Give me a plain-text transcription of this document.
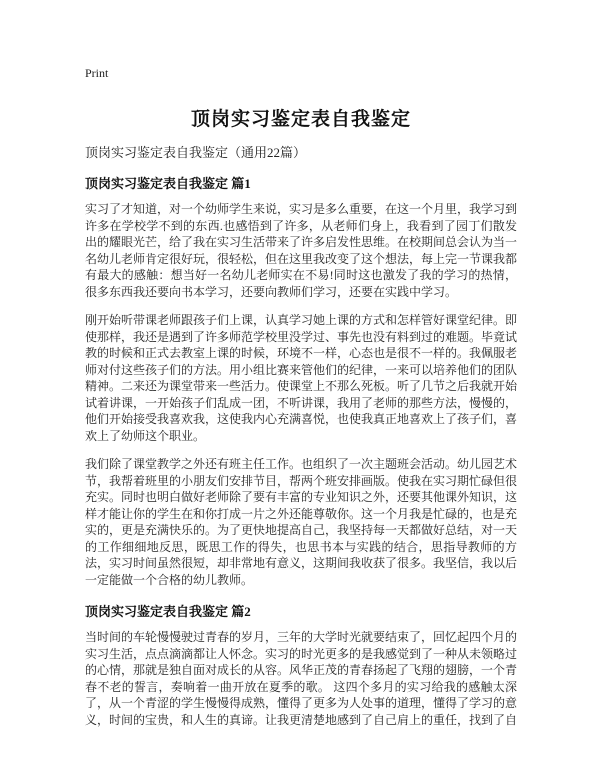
Print
顶岗实习鉴定表自我鉴定
顶岗实习鉴定表自我鉴定（通用22篇）
顶岗实习鉴定表自我鉴定 篇1

实习了才知道，对一个幼师学生来说，实习是多么重要，在这一个月里，我学习到许多在学校学不到的东西.也感悟到了许多，从老师们身上，我看到了园丁们散发出的耀眼光芒，给了我在实习生活带来了许多启发性思维。在校期间总会认为当一名幼儿老师肯定很好玩，很轻松，但在这里我改变了这个想法，每上完一节课我都有最大的感触：想当好一名幼儿老师实在不易!同时这也激发了我的学习的热情，很多东西我还要向书本学习，还要向教师们学习，还要在实践中学习。

刚开始听带课老师跟孩子们上课，认真学习她上课的方式和怎样管好课堂纪律。即使那样，我还是遇到了许多师范学校里没学过、事先也没有料到过的难题。毕竟试教的时候和正式去教室上课的时候，环境不一样，心态也是很不一样的。我佩服老师对付这些孩子们的方法。用小组比赛来管他们的纪律，一来可以培养他们的团队精神。二来还为课堂带来一些活力。使课堂上不那么死板。听了几节之后我就开始试着讲课，一开始孩子们乱成一团，不听讲课，我用了老师的那些方法，慢慢的，他们开始接受我喜欢我，这使我内心充满喜悦，也使我真正地喜欢上了孩子们，喜欢上了幼师这个职业。

我们除了课堂教学之外还有班主任工作。也组织了一次主题班会活动。幼儿园艺术节，我帮着班里的小朋友们安排节目，帮两个班安排画版。使我在实习期忙碌但很充实。同时也明白做好老师除了要有丰富的专业知识之外，还要其他课外知识，这样才能让你的学生在和你打成一片之外还能尊敬你。这一个月我是忙碌的，也是充实的，更是充满快乐的。为了更快地提高自己，我坚持每一天都做好总结，对一天的工作细细地反思，既思工作的得失，也思书本与实践的结合，思指导教师的方法，实习时间虽然很短，却非常地有意义，这期间我收获了很多。我坚信，我以后一定能做一个合格的幼儿教师。

顶岗实习鉴定表自我鉴定 篇2

当时间的车轮慢慢驶过青春的岁月，三年的大学时光就要结束了，回忆起四个月的实习生活，点点滴滴都让人怀念。实习的时光更多的是我感觉到了一种从未领略过的心情，那就是独自面对成长的从容。风华正茂的青春扬起了飞翔的翅膀，一个青春不老的誓言，奏响着一曲开放在夏季的歌。 这四个多月的实习给我的感触太深了，从一个青涩的学生慢慢得成熟，懂得了更多为人处事的道理，懂得了学习的意义，时间的宝贵，和人生的真谛。让我更清楚地感到了自己肩上的重任，找到了自
